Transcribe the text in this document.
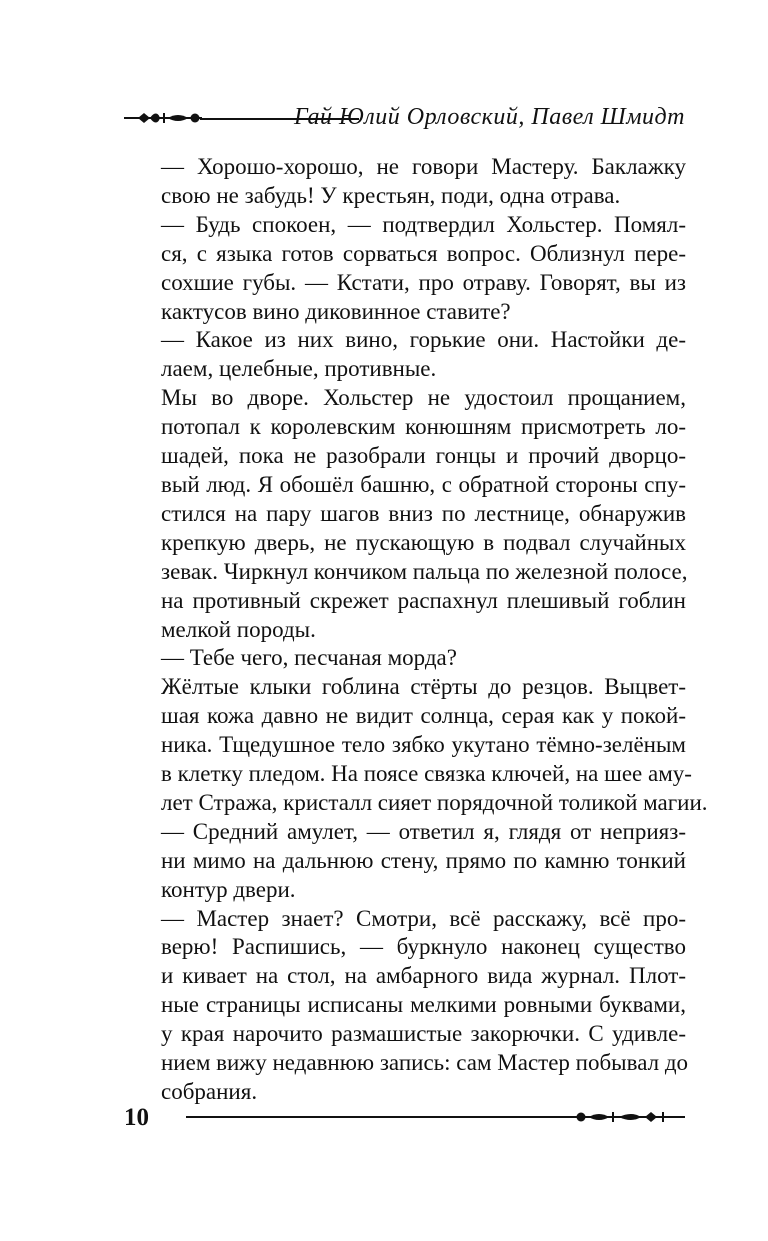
Гай Юлий Орловский, Павел Шмидт

— Хорошо-хорошо, не говори Мастеру. Баклажку
свою не забудь! У крестьян, поди, одна отрава.

— Будь спокоен, — подтвердил Хольстер. Помял-
ся, с языка готов сорваться вопрос. Облизнул пере-
сохшие губы. — Кстати, про отраву. Говорят, вы из
кактусов вино диковинное ставите?

— Какое из них вино, горькие они. Настойки де-
лаем, целебные, противные.

Мы во дворе. Хольстер не удостоил прощанием,
потопал к королевским конюшням присмотреть ло-
шадей, пока не разобрали гонцы и прочий дворцо-
вый люд. Я обошёл башню, с обратной стороны спу-
стился на пару шагов вниз по лестнице, обнаружив
крепкую дверь, не пускающую в подвал случайных
зевак. Чиркнул кончиком пальца по железной полосе,
на противный скрежет распахнул плешивый гоблин
мелкой породы.

— Тебе чего, песчаная морда?

Жёлтые клыки гоблина стёрты до резцов. Выцвет-
шая кожа давно не видит солнца, серая как у покой-
ника. Тщедушное тело зябко укутано тёмно-зелёным
в клетку пледом. На поясе связка ключей, на шее аму-
лет Стража, кристалл сияет порядочной толикой магии.

— Средний амулет, — ответил я, глядя от неприяз-
ни мимо на дальнюю стену, прямо по камню тонкий
контур двери.

— Мастер знает? Смотри, всё расскажу, всё про-
верю! Распишись, — буркнуло наконец существо
и кивает на стол, на амбарного вида журнал. Плот-
ные страницы исписаны мелкими ровными буквами,
у края нарочито размашистые закорючки. С удивле-
нием вижу недавнюю запись: сам Мастер побывал до
собрания.

10
